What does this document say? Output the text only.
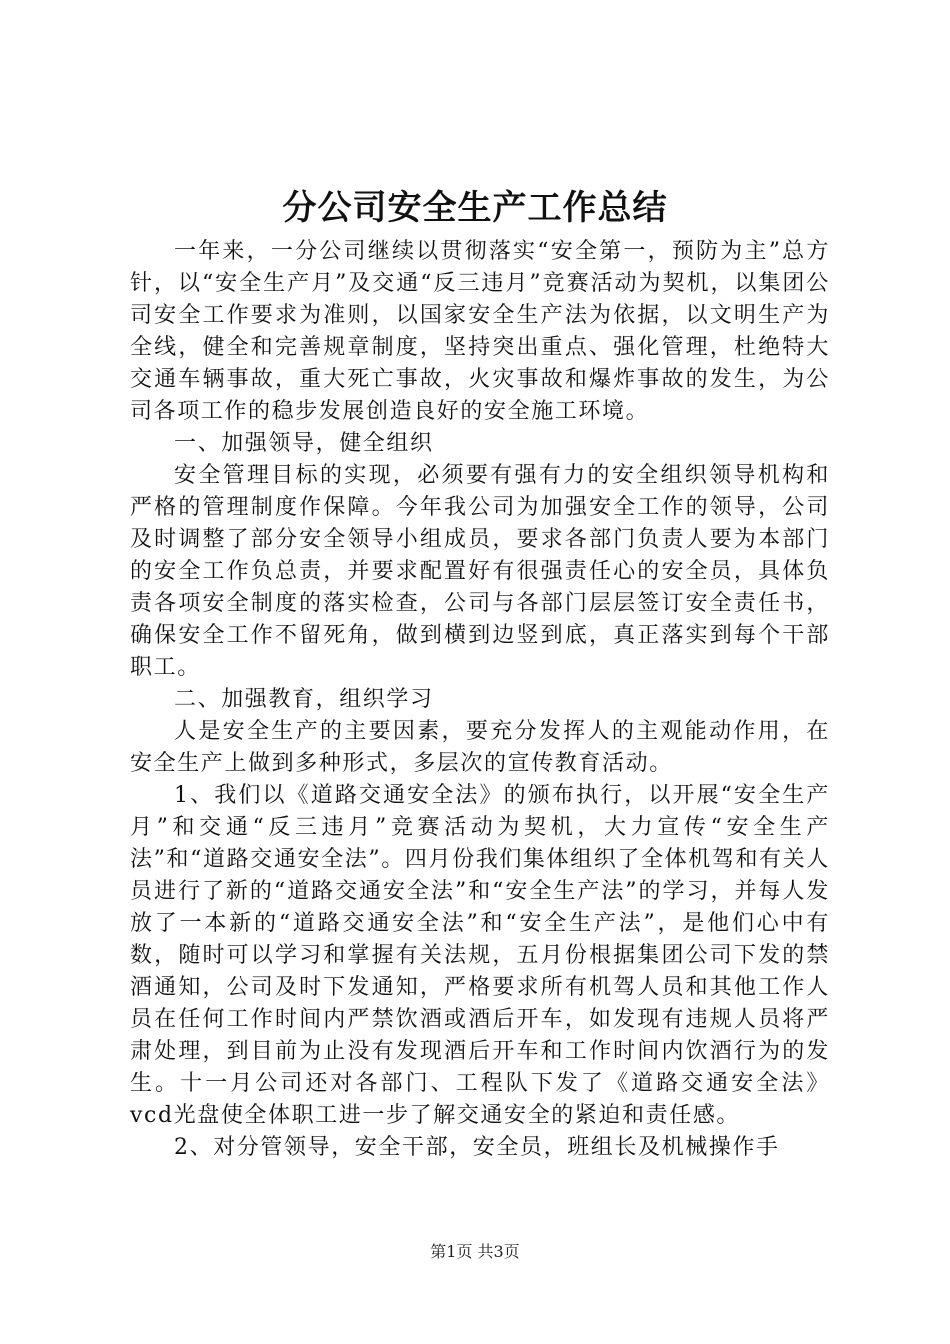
分公司安全生产工作总结

一年来，一分公司继续以贯彻落实“安全第一，预防为主”总方针，以“安全生产月”及交通“反三违月”竞赛活动为契机，以集团公司安全工作要求为准则，以国家安全生产法为依据，以文明生产为全线，健全和完善规章制度，坚持突出重点、强化管理，杜绝特大交通车辆事故，重大死亡事故，火灾事故和爆炸事故的发生，为公司各项工作的稳步发展创造良好的安全施工环境。

一、加强领导，健全组织

安全管理目标的实现，必须要有强有力的安全组织领导机构和严格的管理制度作保障。今年我公司为加强安全工作的领导，公司及时调整了部分安全领导小组成员，要求各部门负责人要为本部门的安全工作负总责，并要求配置好有很强责任心的安全员，具体负责各项安全制度的落实检查，公司与各部门层层签订安全责任书，确保安全工作不留死角，做到横到边竖到底，真正落实到每个干部职工。

二、加强教育，组织学习

人是安全生产的主要因素，要充分发挥人的主观能动作用，在安全生产上做到多种形式，多层次的宣传教育活动。

1、我们以《道路交通安全法》的颁布执行，以开展“安全生产月”和交通“反三违月”竞赛活动为契机，大力宣传“安全生产法”和“道路交通安全法”。四月份我们集体组织了全体机驾和有关人员进行了新的“道路交通安全法”和“安全生产法”的学习，并每人发放了一本新的“道路交通安全法”和“安全生产法”，是他们心中有数，随时可以学习和掌握有关法规，五月份根据集团公司下发的禁酒通知，公司及时下发通知，严格要求所有机驾人员和其他工作人员在任何工作时间内严禁饮酒或酒后开车，如发现有违规人员将严肃处理，到目前为止没有发现酒后开车和工作时间内饮酒行为的发生。十一月公司还对各部门、工程队下发了《道路交通安全法》vcd光盘使全体职工进一步了解交通安全的紧迫和责任感。

2、对分管领导，安全干部，安全员，班组长及机械操作手

第1页 共3页
